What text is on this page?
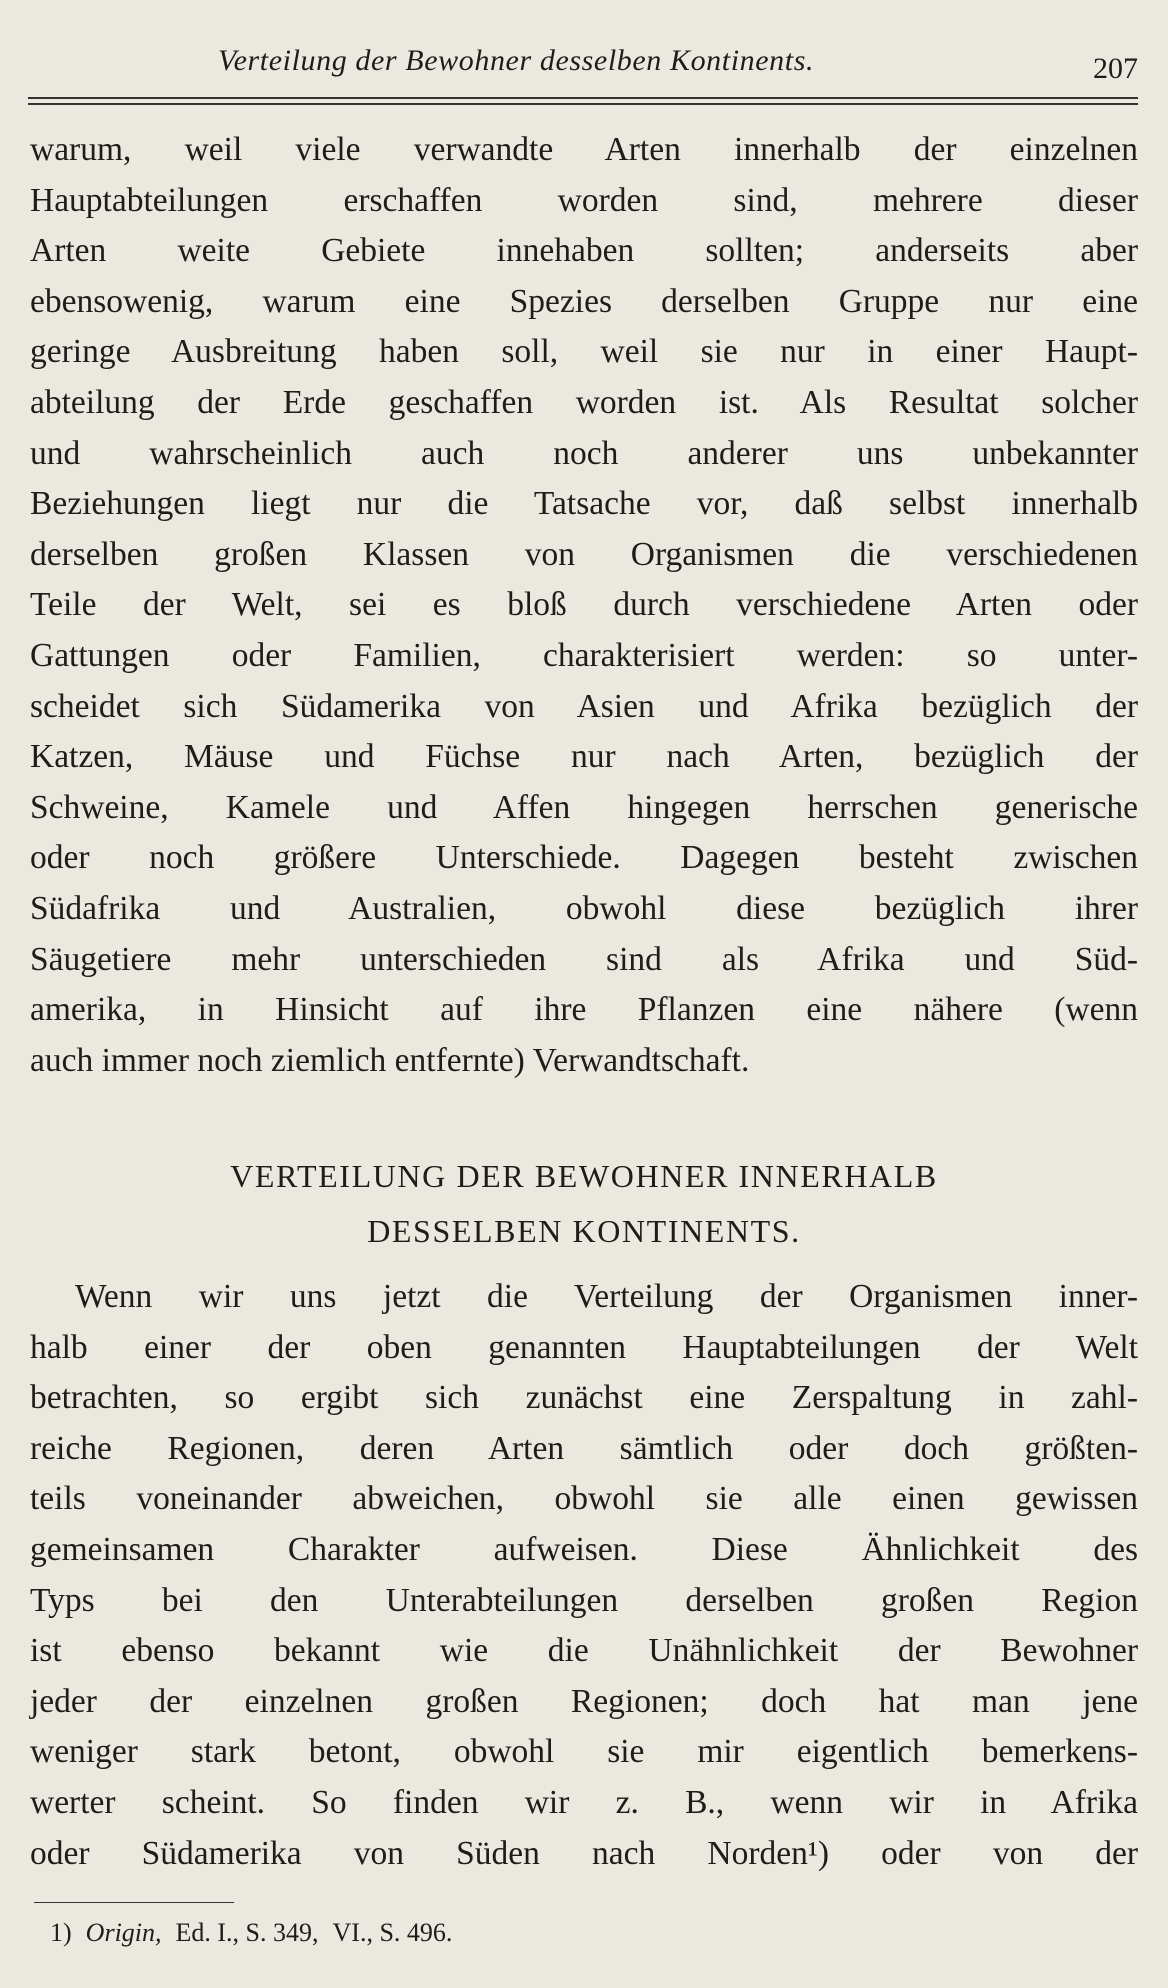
Verteilung der Bewohner desselben Kontinents.	207
warum, weil viele verwandte Arten innerhalb der einzelnen
Hauptabteilungen erschaffen worden sind, mehrere dieser
Arten weite Gebiete innehaben sollten; anderseits aber
ebensowenig, warum eine Spezies derselben Gruppe nur eine
geringe Ausbreitung haben soll, weil sie nur in einer Haupt-
abteilung der Erde geschaffen worden ist. Als Resultat solcher
und wahrscheinlich auch noch anderer uns unbekannter
Beziehungen liegt nur die Tatsache vor, daß selbst innerhalb
derselben großen Klassen von Organismen die verschiedenen
Teile der Welt, sei es bloß durch verschiedene Arten oder
Gattungen oder Familien, charakterisiert werden: so unter-
scheidet sich Südamerika von Asien und Afrika bezüglich der
Katzen, Mäuse und Füchse nur nach Arten, bezüglich der
Schweine, Kamele und Affen hingegen herrschen generische
oder noch größere Unterschiede. Dagegen besteht zwischen
Südafrika und Australien, obwohl diese bezüglich ihrer
Säugetiere mehr unterschieden sind als Afrika und Süd-
amerika, in Hinsicht auf ihre Pflanzen eine nähere (wenn
auch immer noch ziemlich entfernte) Verwandtschaft.
VERTEILUNG DER BEWOHNER INNERHALB
DESSELBEN KONTINENTS.
Wenn wir uns jetzt die Verteilung der Organismen inner-
halb einer der oben genannten Hauptabteilungen der Welt
betrachten, so ergibt sich zunächst eine Zerspaltung in zahl-
reiche Regionen, deren Arten sämtlich oder doch größten-
teils voneinander abweichen, obwohl sie alle einen gewissen
gemeinsamen Charakter aufweisen. Diese Ähnlichkeit des
Typs bei den Unterabteilungen derselben großen Region
ist ebenso bekannt wie die Unähnlichkeit der Bewohner
jeder der einzelnen großen Regionen; doch hat man jene
weniger stark betont, obwohl sie mir eigentlich bemerkens-
werter scheint. So finden wir z. B., wenn wir in Afrika
oder Südamerika von Süden nach Norden¹) oder von der
1) Origin, Ed. I., S. 349, VI., S. 496.
